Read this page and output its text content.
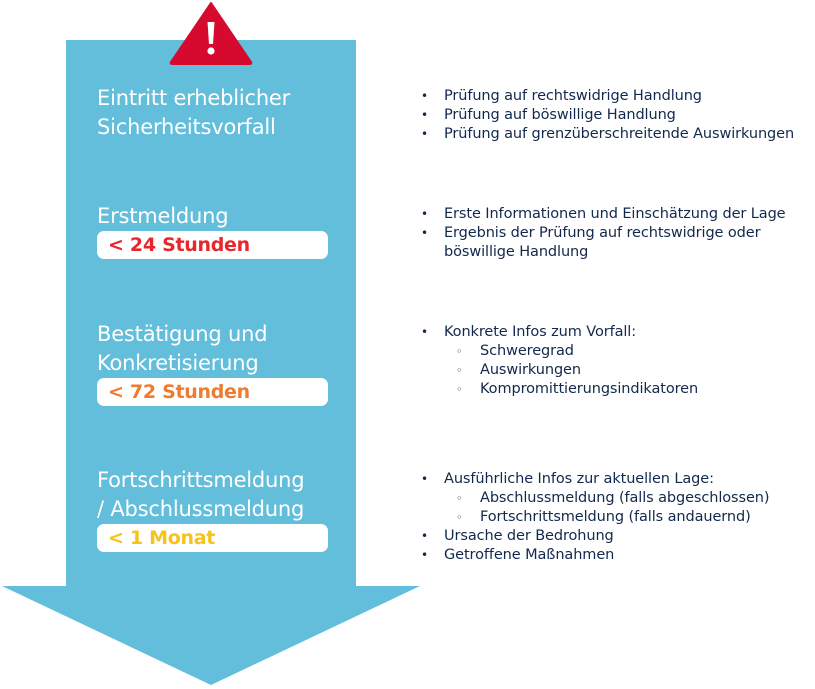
Eintritt erheblicher
Sicherheitsvorfall
Erstmeldung
< 24 Stunden
Bestätigung und
Konkretisierung
< 72 Stunden
Fortschrittsmeldung
/ Abschlussmeldung
< 1 Monat
• Prüfung auf rechtswidrige Handlung
• Prüfung auf böswillige Handlung
• Prüfung auf grenzüberschreitende Auswirkungen
• Erste Informationen und Einschätzung der Lage
• Ergebnis der Prüfung auf rechtswidrige oder
böswillige Handlung
• Konkrete Infos zum Vorfall:
◦ Schweregrad
◦ Auswirkungen
◦ Kompromittierungsindikatoren
• Ausführliche Infos zur aktuellen Lage:
◦ Abschlussmeldung (falls abgeschlossen)
◦ Fortschrittsmeldung (falls andauernd)
• Ursache der Bedrohung
• Getroffene Maßnahmen
